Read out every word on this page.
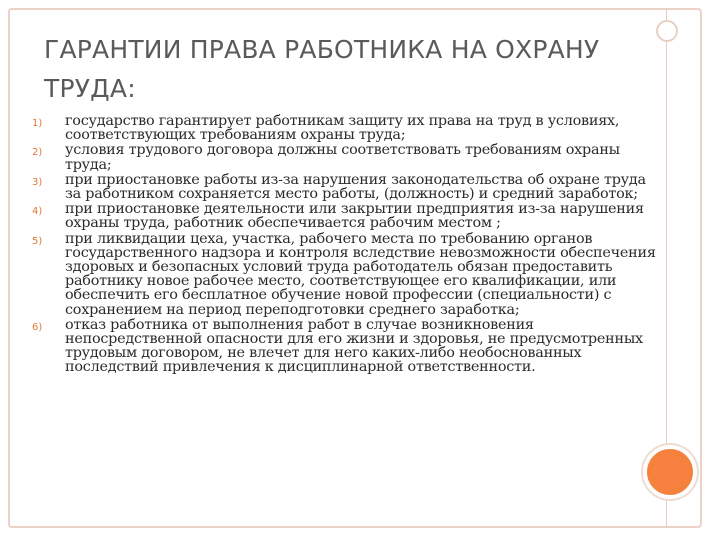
ГАРАНТИИ ПРАВА РАБОТНИКА НА ОХРАНУ ТРУДА:
1)	государство гарантирует работникам защиту их права на труд в условиях, соответствующих требованиям охраны труда;
2)	условия трудового договора должны соответствовать требованиям охраны труда;
3)	при приостановке работы из-за нарушения законодательства об охране труда за работником сохраняется место работы, (должность) и средний заработок;
4)	при приостановке деятельности или закрытии предприятия из-за нарушения охраны труда, работник обеспечивается рабочим местом ;
5)	при ликвидации цеха, участка, рабочего места по требованию органов государственного надзора и контроля вследствие невозможности обеспечения здоровых и безопасных условий труда работодатель обязан предоставить работнику новое рабочее место, соответствующее его квалификации, или обеспечить его бесплатное обучение новой профессии (специальности) с сохранением на период переподготовки среднего заработка;
6)	отказ работника от выполнения работ в случае возникновения непосредственной опасности для его жизни и здоровья, не предусмотренных трудовым договором, не влечет для него каких-либо необоснованных последствий привлечения к дисциплинарной ответственности.
